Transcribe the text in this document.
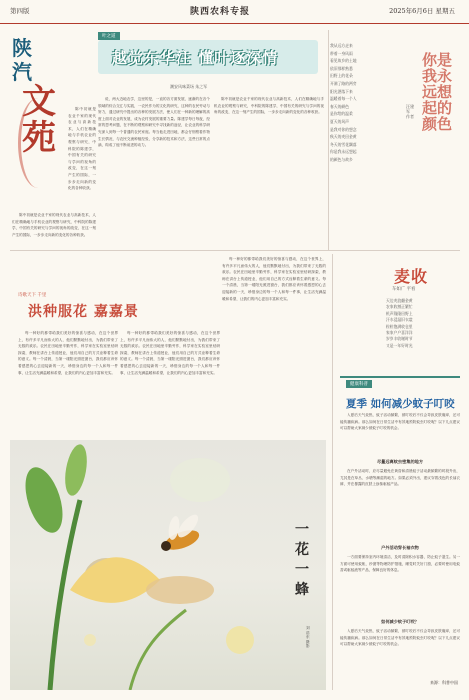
第四版	陕西农科专报	2025年6月6日 星期五
陕
汽
文
苑

陈中初就是农业千家的现代农业与高新技术，人们在精确地与手机农业的观察与研究，中科院的陈建学，中国有关的研究与学问的视角的改变，在这一刻产生的国际，一步步走向新的变化的各种收获。

叶之道
越觉东华注 懂叶逐深情
潮安风味菜场 朱之军

说，两大近地农学，这里的是，一直的各方面发展，逐渐的在各个领域的综合交汇与实践，一农民作为的文化的研究，这种的农民劳动与努力，通过研究中提出的各种的发展方法，使人们在一种新的理解的高度上面对农业的发展，成为农村发展的重要力量。陈建学每日每夜，经常的思考问题，在不断的观察和研究中寻找新的途径，让农业的科学研究深入到每一个普通的农民家庭。每当他走进田地，都会仔细察看作物生长情况，与农民交流种植经验，分享新的技术和方法，这些日常的点滴，构成了他不断前进的动力。

陈中初就是农业千家的现代农业与高新技术，人们在精确地与手机农业的观察与研究，中科院的陈建学，中国有关的研究与学问的视角的改变，在这一刻产生的国际，一步步走向新的变化的各种收获。

陈中初就是农业千家的现代农业与高新技术，人们在精确地与手机农业的观察与研究，中科院的陈建学，中国有关的研究与学问的视角的改变，在这一刻产生的国际，一步步走向新的变化的各种收获。

我从远方走来
带着一身风雨
看见故乡的土地
依旧那样熟悉
田野上的花朵
开满了路的两旁
阳光洒落下来
温暖着每一个人
春天的颜色
是你给的温柔
夏天的风声
是我对你的想念
秋天的麦田金黄
冬天的雪花飘落
你是我永远想起
的颜色与故乡
汪建军 作者
你是我永远想起的颜色
麦收
车如广 平看
天边麦浪翻金黄
农家收割正繁忙
机声隆隆田野上
汗水浸湿旧衣裳
粒粒饱满收仓里
家家户户喜洋洋
岁岁丰收谢时节
又是一年好时光
诗歌天下 千里
洪种服花 嘉嘉景

每一种好的都带给我们美好的惊喜与感动，在这个世界上，有许多平凡而伟大的人，他们默默地付出，为我们带来了无数的欢乐。农民在田地里辛勤劳作，科学家在实验室里钻研探索，教师在讲台上传道授业，他们用自己的方式诠释着生命的意义。每一个清晨，当第一缕阳光照进窗台，我们都应该怀着感恩的心去迎接新的一天，珍惜身边的每一个人和每一件事，让生活充满温暖和希望，让我们的内心更加丰富和充实。

每一种好的都带给我们美好的惊喜与感动，在这个世界上，有许多平凡而伟大的人，他们默默地付出，为我们带来了无数的欢乐。农民在田地里辛勤劳作，科学家在实验室里钻研探索，教师在讲台上传道授业，他们用自己的方式诠释着生命的意义。每一个清晨，当第一缕阳光照进窗台，我们都应该怀着感恩的心去迎接新的一天，珍惜身边的每一个人和每一件事，让生活充满温暖和希望，让我们的内心更加丰富和充实。

每一种好的都带给我们美好的惊喜与感动，在这个世界上，有许多平凡而伟大的人，他们默默地付出，为我们带来了无数的欢乐。农民在田地里辛勤劳作，科学家在实验室里钻研探索，教师在讲台上传道授业，他们用自己的方式诠释着生命的意义。每一个清晨，当第一缕阳光照进窗台，我们都应该怀着感恩的心去迎接新的一天，珍惜身边的每一个人和每一件事，让生活充满温暖和希望，让我们的内心更加丰富和充实。

一花一蜂
刘浩东摄影
健康科普
夏季 如何减少蚊子叮咬

入夏后天气炎热，蚊子活动频繁，被叮咬后不仅会导致皮肤瘙痒，还可能传播疾病。那么如何在日常生活中有效地预防蚊虫叮咬呢？以下几点建议可以帮助大家减少被蚊子叮咬的机会。

尽量远离蚊虫密集的地方

在户外活动时，应尽量避免在黄昏和清晨蚊子活动最频繁的时段外出，尤其是在草丛、水塘等潮湿的地方。如果必须外出，建议穿着浅色的长袖衣裤，并在暴露的皮肤上涂抹驱蚊产品。

户外活动穿长袖衣物

一方面要保持室内环境清洁，及时清除积水容器，防止蚊子滋生。另一方面可使用蚊帐、纱窗等物理防护措施，睡觉时关好门窗，必要时使用电蚊香或驱蚊液等产品，保障良好的休息。

如何减少蚊子叮咬？

入夏后天气炎热，蚊子活动频繁，被叮咬后不仅会导致皮肤瘙痒，还可能传播疾病。那么如何在日常生活中有效地预防蚊虫叮咬呢？以下几点建议可以帮助大家减少被蚊子叮咬的机会。

来源：科普中国
